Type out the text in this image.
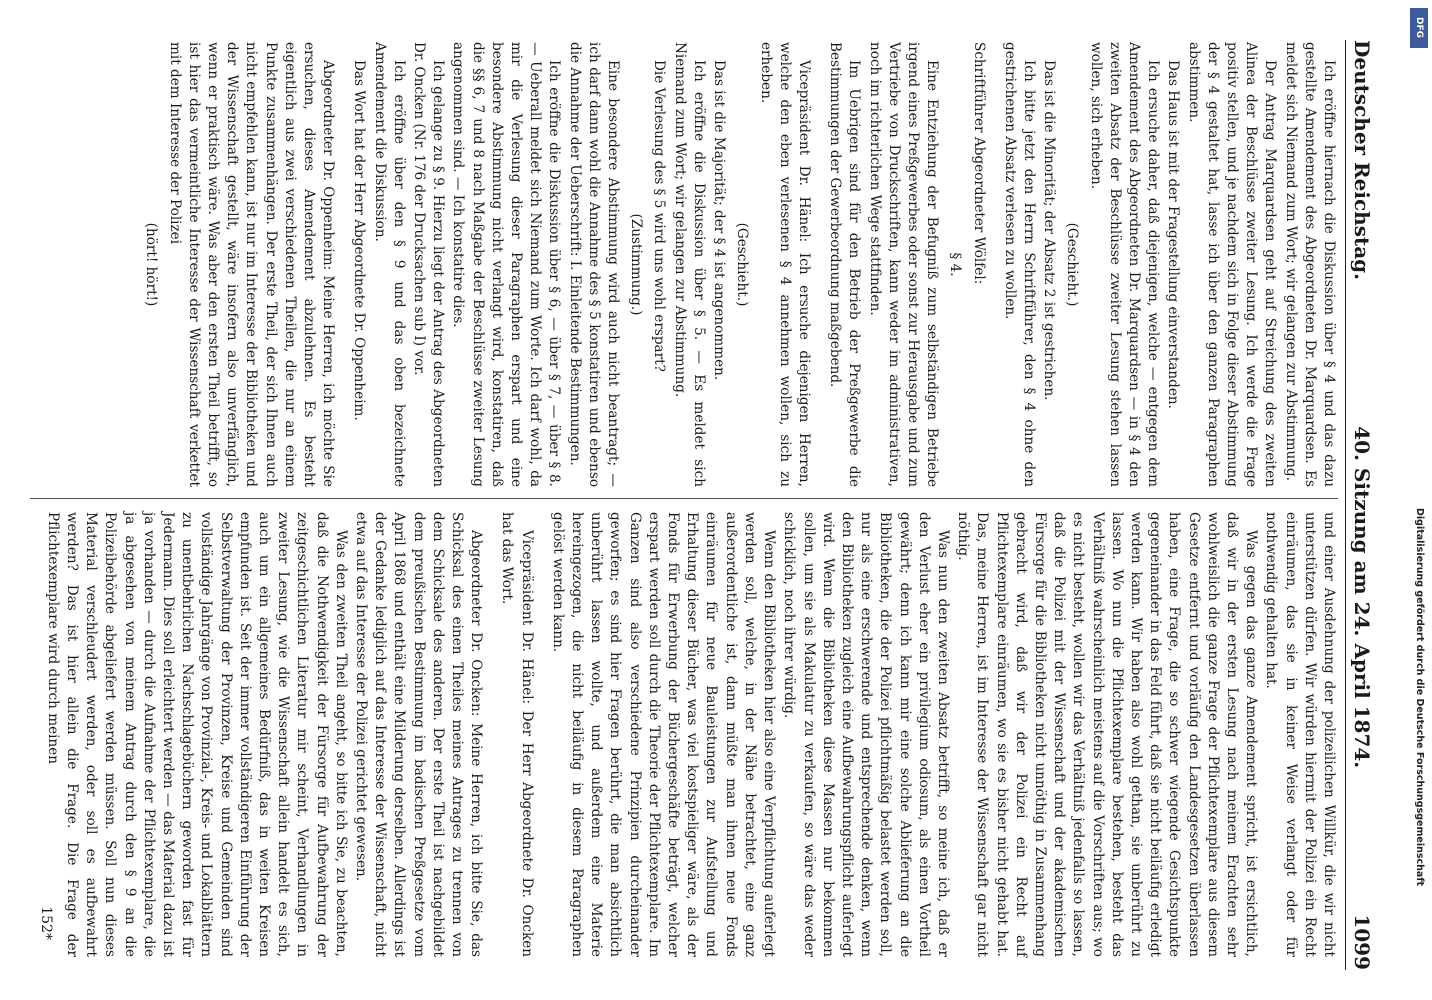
Deutscher Reichstag.
40. Sitzung am 24. April 1874.
1099

Ich eröffne hiernach die Diskussion über § 4 und das dazu gestellte Amendement des Abgeordneten Dr. Marquardsen. Es meldet sich Niemand zum Wort; wir gelangen zur Abstimmung.

Der Antrag Marquardsen geht auf Streichung des zweiten Alinea der Beschlüsse zweiter Lesung. Ich werde die Frage positiv stellen, und je nachdem sich in Folge dieser Abstimmung der § 4 gestaltet hat, lasse ich über den ganzen Paragraphen abstimmen.

Das Haus ist mit der Fragestellung einverstanden.

Ich ersuche daher, daß diejenigen, welche — entgegen dem Amendement des Abgeordneten Dr. Marquardsen — in § 4 den zweiten Absatz der Beschlüsse zweiter Lesung stehen lassen wollen, sich erheben.

(Geschieht.)

Das ist die Minorität; der Absatz 2 ist gestrichen.

Ich bitte jetzt den Herrn Schriftführer, den § 4 ohne den gestrichenen Absatz verlesen zu wollen.

Schriftführer Abgeordneter Wölfel:

§ 4.

Eine Entziehung der Befugniß zum selbständigen Betriebe irgend eines Preßgewerbes oder sonst zur Herausgabe und zum Vertriebe von Druckschriften, kann weder im administrativen, noch im richterlichen Wege stattfinden.

Im Uebrigen sind für den Betrieb der Preßgewerbe die Bestimmungen der Gewerbeordnung maßgebend.

Vicepräsident Dr. Hänel: Ich ersuche diejenigen Herren, welche den eben verlesenen § 4 annehmen wollen, sich zu erheben.

(Geschieht.)

Das ist die Majorität; der § 4 ist angenommen.

Ich eröffne die Diskussion über § 5. — Es meldet sich Niemand zum Wort; wir gelangen zur Abstimmung.

Die Verlesung des § 5 wird uns wohl erspart?

(Zustimmung.)

Eine besondere Abstimmung wird auch nicht beantragt; — ich darf dann wohl die Annahme des § 5 konstatiren und ebenso die Annahme der Ueberschrift: I. Einleitende Bestimmungen.

Ich eröffne die Diskussion über § 6, — über § 7, — über § 8. — Ueberall meldet sich Niemand zum Worte. Ich darf wohl, da mir die Verlesung dieser Paragraphen erspart und eine besondere Abstimmung nicht verlangt wird, konstatiren, daß die §§ 6, 7 und 8 nach Maßgabe der Beschlüsse zweiter Lesung angenommen sind. — Ich konstatire dies.

Ich gelange zu § 9. Hierzu liegt der Antrag des Abgeordneten Dr. Oncken (Nr. 176 der Drucksachen sub I) vor.

Ich eröffne über den § 9 und das oben bezeichnete Amendement die Diskussion.

Das Wort hat der Herr Abgeordnete Dr. Oppenheim.

Abgeordneter Dr. Oppenheim: Meine Herren, ich möchte Sie ersuchen, dieses Amendement abzulehnen. Es besteht eigentlich aus zwei verschiedenen Theilen, die nur an einem Punkte zusammenhängen. Der erste Theil, der sich Ihnen auch nicht empfehlen kann, ist nur im Interesse der Bibliotheken und der Wissenschaft gestellt, wäre insofern also unverfänglich, wenn er praktisch wäre. Was aber den ersten Theil betrifft, so ist hier das vermeintliche Interesse der Wissenschaft verkettet mit dem Interesse der Polizei

(hört! hört!)

und einer Ausdehnung der polizeilichen Willkür, die wir nicht unterstützen dürfen. Wir würden hiermit der Polizei ein Recht einräumen, das sie in keiner Weise verlangt oder für nothwendig gehalten hat.

Was gegen das ganze Amendement spricht, ist ersichtlich, daß wir in der ersten Lesung nach meinem Erachten sehr wohlweislich die ganze Frage der Pflichtexemplare aus diesem Gesetze entfernt und vorläufig den Landesgesetzen überlassen haben, eine Frage, die so schwer wiegende Gesichtspunkte gegeneinander in das Feld führt, daß sie nicht beiläufig erledigt werden kann. Wir haben also wohl gethan, sie unberührt zu lassen. Wo nun die Pflichtexemplare bestehen, besteht das Verhältniß wahrscheinlich meistens auf die Vorschriften aus; wo es nicht besteht, wollen wir das Verhältniß jedenfalls so lassen, daß die Polizei mit der Wissenschaft und der akademischen Fürsorge für die Bibliotheken nicht unnöthig in Zusammenhang gebracht wird, daß wir der Polizei ein Recht auf Pflichtexemplare einräumen, wo sie es bisher nicht gehabt hat. Das, meine Herren, ist im Interesse der Wissenschaft gar nicht nöthig.

Was nun den zweiten Absatz betrifft, so meine ich, daß er den Verlust eher ein privilegium odiosum, als einen Vortheil gewährt; denn ich kann mir eine solche Ablieferung an die Bibliotheken, die der Polizei pflichtmäßig belastet werden soll, nur als eine erschwerende und entsprechende denken, wenn den Bibliotheken zugleich eine Aufbewahrungspflicht auferlegt wird. Wenn die Bibliotheken diese Massen nur bekommen sollen, um sie als Makulatur zu verkaufen, so wäre das weder schicklich, noch ihrer würdig.

Wenn den Bibliotheken hier also eine Verpflichtung auferlegt werden soll, welche, in der Nähe betrachtet, eine ganz außerordentliche ist, dann müßte man ihnen neue Fonds einräumen für neue Bauleistungen zur Aufstellung und Erhaltung dieser Bücher, was viel kostspieliger wäre, als der Fonds für Erwerbung der Büchergeschäfte beträgt, welcher erspart werden soll durch die Theorie der Pflichtexemplare. Im Ganzen sind also verschiedene Prinzipien durcheinander geworfen; es sind hier Fragen berührt, die man absichtlich unberührt lassen wollte, und außerdem eine Materie hereingezogen, die nicht beiläufig in diesem Paragraphen gelöst werden kann.

Vicepräsident Dr. Hänel: Der Herr Abgeordnete Dr. Oncken hat das Wort.

Abgeordneter Dr. Oncken: Meine Herren, ich bitte Sie, das Schicksal des einen Theiles meines Antrages zu trennen von dem Schicksale des anderen. Der erste Theil ist nachgebildet dem preußischen Bestimmung im badischen Preßgesetze vom April 1868 und enthält eine Milderung derselben. Allerdings ist der Gedanke lediglich auf das Interesse der Wissenschaft, nicht etwa auf das Interesse der Polizei gerichtet gewesen.

Was den zweiten Theil angeht, so bitte ich Sie, zu beachten, daß die Nothwendigkeit der Fürsorge für Aufbewahrung der zeitgeschichtlichen Literatur mir scheint, Verhandlungen in zweiter Lesung, wie die Wissenschaft allein handelt es sich, auch um ein allgemeines Bedürfniß, das in weiten Kreisen empfunden ist. Seit der immer vollständigeren Einführung der Selbstverwaltung der Provinzen, Kreise und Gemeinden sind vollständige Jahrgänge von Provinzial-, Kreis- und Lokalblättern zu unentbehrlichen Nachschlagebüchern geworden fast für Jedermann. Dies soll erleichtert werden — das Material dazu ist ja vorhanden — durch die Aufnahme der Pflichtexemplare, die ja abgesehen von meinem Antrag durch den § 9 an die Polizeibehörde abgeliefert werden müssen. Soll nun dieses Material verschleudert werden, oder soll es aufbewahrt werden? Das ist hier allein die Frage. Die Frage der Pflichtexemplare wird durch meinen

152*
Digitalisierung gefördert durch die Deutsche Forschungsgemeinschaft
DFG
